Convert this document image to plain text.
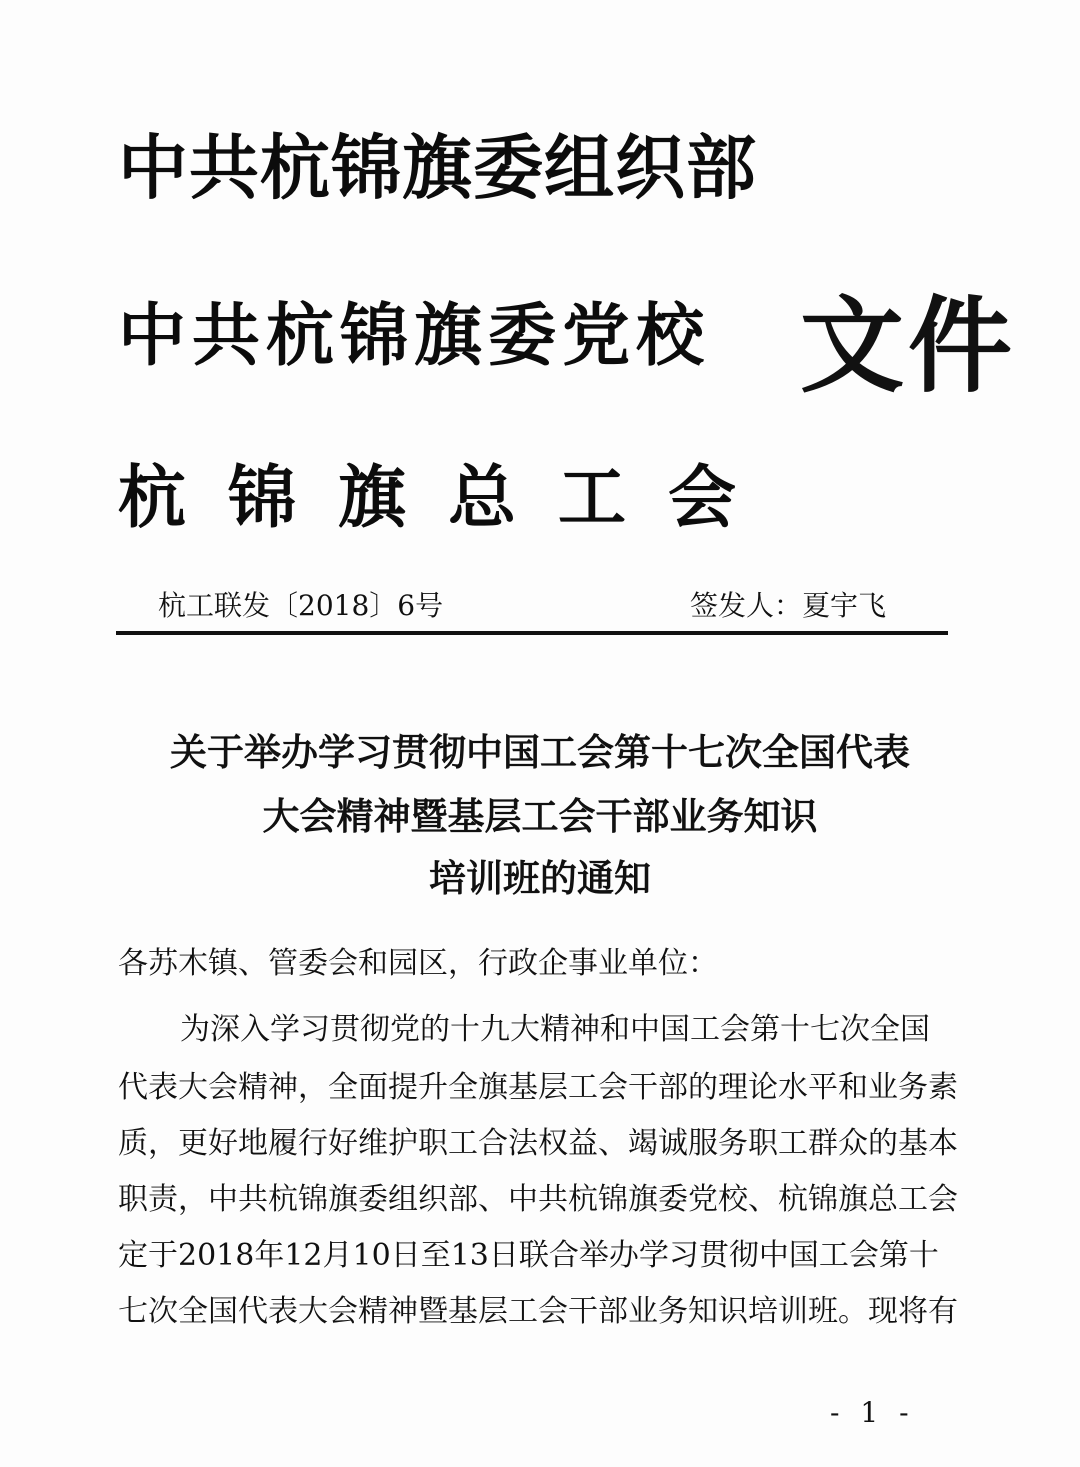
中共杭锦旗委组织部
中共杭锦旗委党校
杭锦旗总工会
文件
杭工联发〔2018〕6号	签发人：夏宇飞
关于举办学习贯彻中国工会第十七次全国代表
大会精神暨基层工会干部业务知识
培训班的通知
各苏木镇、管委会和园区，行政企事业单位：
为深入学习贯彻党的十九大精神和中国工会第十七次全国
代表大会精神，全面提升全旗基层工会干部的理论水平和业务素
质，更好地履行好维护职工合法权益、竭诚服务职工群众的基本
职责，中共杭锦旗委组织部、中共杭锦旗委党校、杭锦旗总工会
定于2018年12月10日至13日联合举办学习贯彻中国工会第十
七次全国代表大会精神暨基层工会干部业务知识培训班。现将有
- 1 -
